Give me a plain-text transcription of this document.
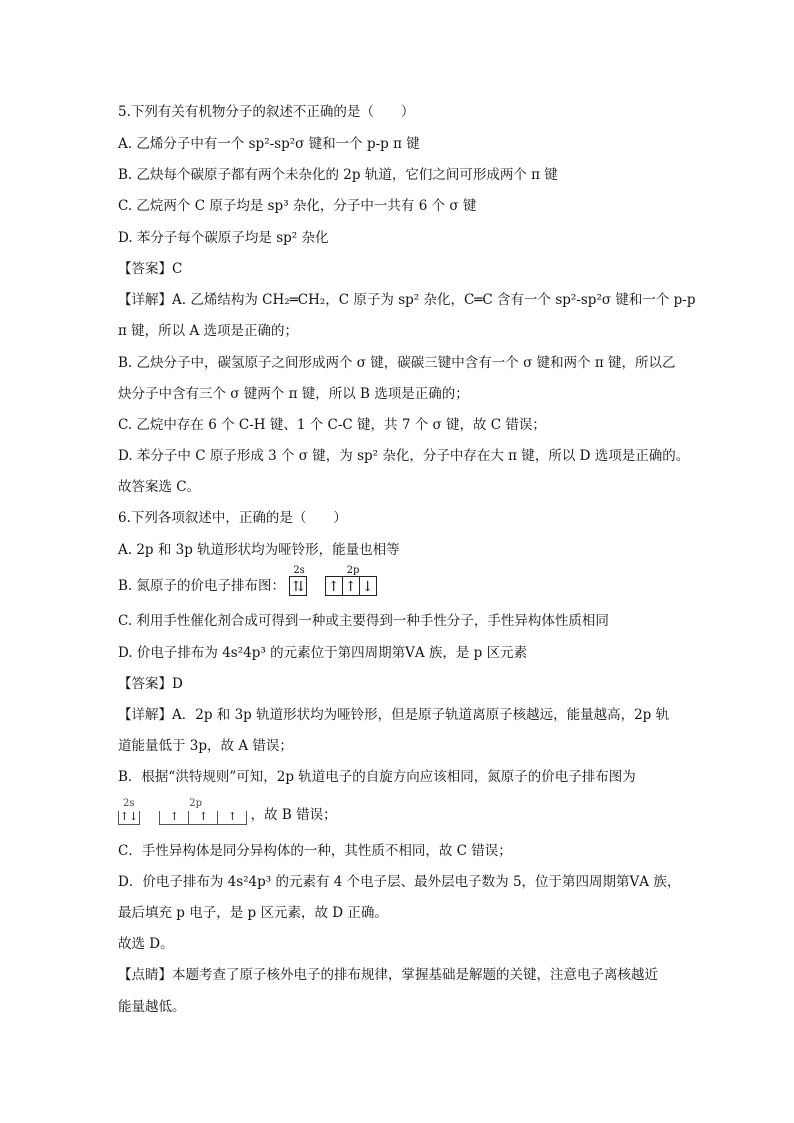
5.下列有关有机物分子的叙述不正确的是（　　）
A. 乙烯分子中有一个 sp²-sp²σ 键和一个 p-p π 键
B. 乙炔每个碳原子都有两个未杂化的 2p 轨道，它们之间可形成两个 π 键
C. 乙烷两个 C 原子均是 sp³ 杂化，分子中一共有 6 个 σ 键
D. 苯分子每个碳原子均是 sp² 杂化
【答案】C
【详解】A. 乙烯结构为 CH₂═CH₂，C 原子为 sp² 杂化，C═C 含有一个 sp²-sp²σ 键和一个 p-p
π 键，所以 A 选项是正确的；
B. 乙炔分子中，碳氢原子之间形成两个 σ 键，碳碳三键中含有一个 σ 键和两个 π 键，所以乙
炔分子中含有三个 σ 键两个 π 键，所以 B 选项是正确的；
C. 乙烷中存在 6 个 C-H 键、1 个 C-C 键，共 7 个 σ 键，故 C 错误；
D. 苯分子中 C 原子形成 3 个 σ 键，为 sp² 杂化，分子中存在大 π 键，所以 D 选项是正确的。
故答案选 C。
6.下列各项叙述中，正确的是（　　）
A. 2p 和 3p 轨道形状均为哑铃形，能量也相等
B. 氮原子的价电子排布图：
2s
⇅
2p
↑ ↑ ↓
C. 利用手性催化剂合成可得到一种或主要得到一种手性分子，手性异构体性质相同
D. 价电子排布为 4s²4p³ 的元素位于第四周期第ⅤA 族，是 p 区元素
【答案】D
【详解】A．2p 和 3p 轨道形状均为哑铃形，但是原子轨道离原子核越远，能量越高，2p 轨
道能量低于 3p，故 A 错误；
B．根据“洪特规则”可知，2p 轨道电子的自旋方向应该相同，氮原子的价电子排布图为
2s
↑↓
2p
↑ ↑ ↑ ，故 B 错误；
C．手性异构体是同分异构体的一种，其性质不相同，故 C 错误；
D．价电子排布为 4s²4p³ 的元素有 4 个电子层、最外层电子数为 5，位于第四周期第ⅤA 族，
最后填充 p 电子，是 p 区元素，故 D 正确。
故选 D。
【点睛】本题考查了原子核外电子的排布规律，掌握基础是解题的关键，注意电子离核越近
能量越低。
